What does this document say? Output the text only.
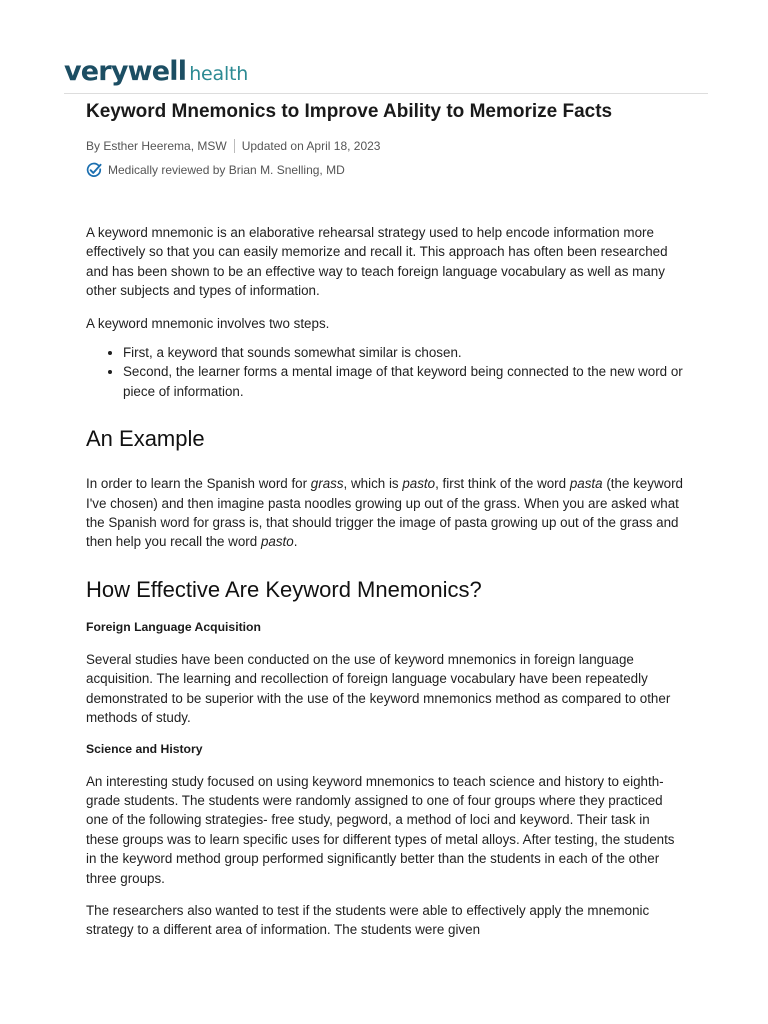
verywell health
Keyword Mnemonics to Improve Ability to Memorize Facts
By Esther Heerema, MSW Updated on April 18, 2023
Medically reviewed by Brian M. Snelling, MD

A keyword mnemonic is an elaborative rehearsal strategy used to help encode information more effectively so that you can easily memorize and recall it. This approach has often been researched and has been shown to be an effective way to teach foreign language vocabulary as well as many other subjects and types of information.

A keyword mnemonic involves two steps.

• First, a keyword that sounds somewhat similar is chosen.
• Second, the learner forms a mental image of that keyword being connected to the new word or piece of information.
An Example

In order to learn the Spanish word for grass, which is pasto, first think of the word pasta (the keyword I've chosen) and then imagine pasta noodles growing up out of the grass. When you are asked what the Spanish word for grass is, that should trigger the image of pasta growing up out of the grass and then help you recall the word pasto.

How Effective Are Keyword Mnemonics?
Foreign Language Acquisition

Several studies have been conducted on the use of keyword mnemonics in foreign language acquisition. The learning and recollection of foreign language vocabulary have been repeatedly demonstrated to be superior with the use of the keyword mnemonics method as compared to other methods of study.

Science and History

An interesting study focused on using keyword mnemonics to teach science and history to eighth-grade students. The students were randomly assigned to one of four groups where they practiced one of the following strategies- free study, pegword, a method of loci and keyword. Their task in these groups was to learn specific uses for different types of metal alloys. After testing, the students in the keyword method group performed significantly better than the students in each of the other three groups.

The researchers also wanted to test if the students were able to effectively apply the mnemonic strategy to a different area of information. The students were given
